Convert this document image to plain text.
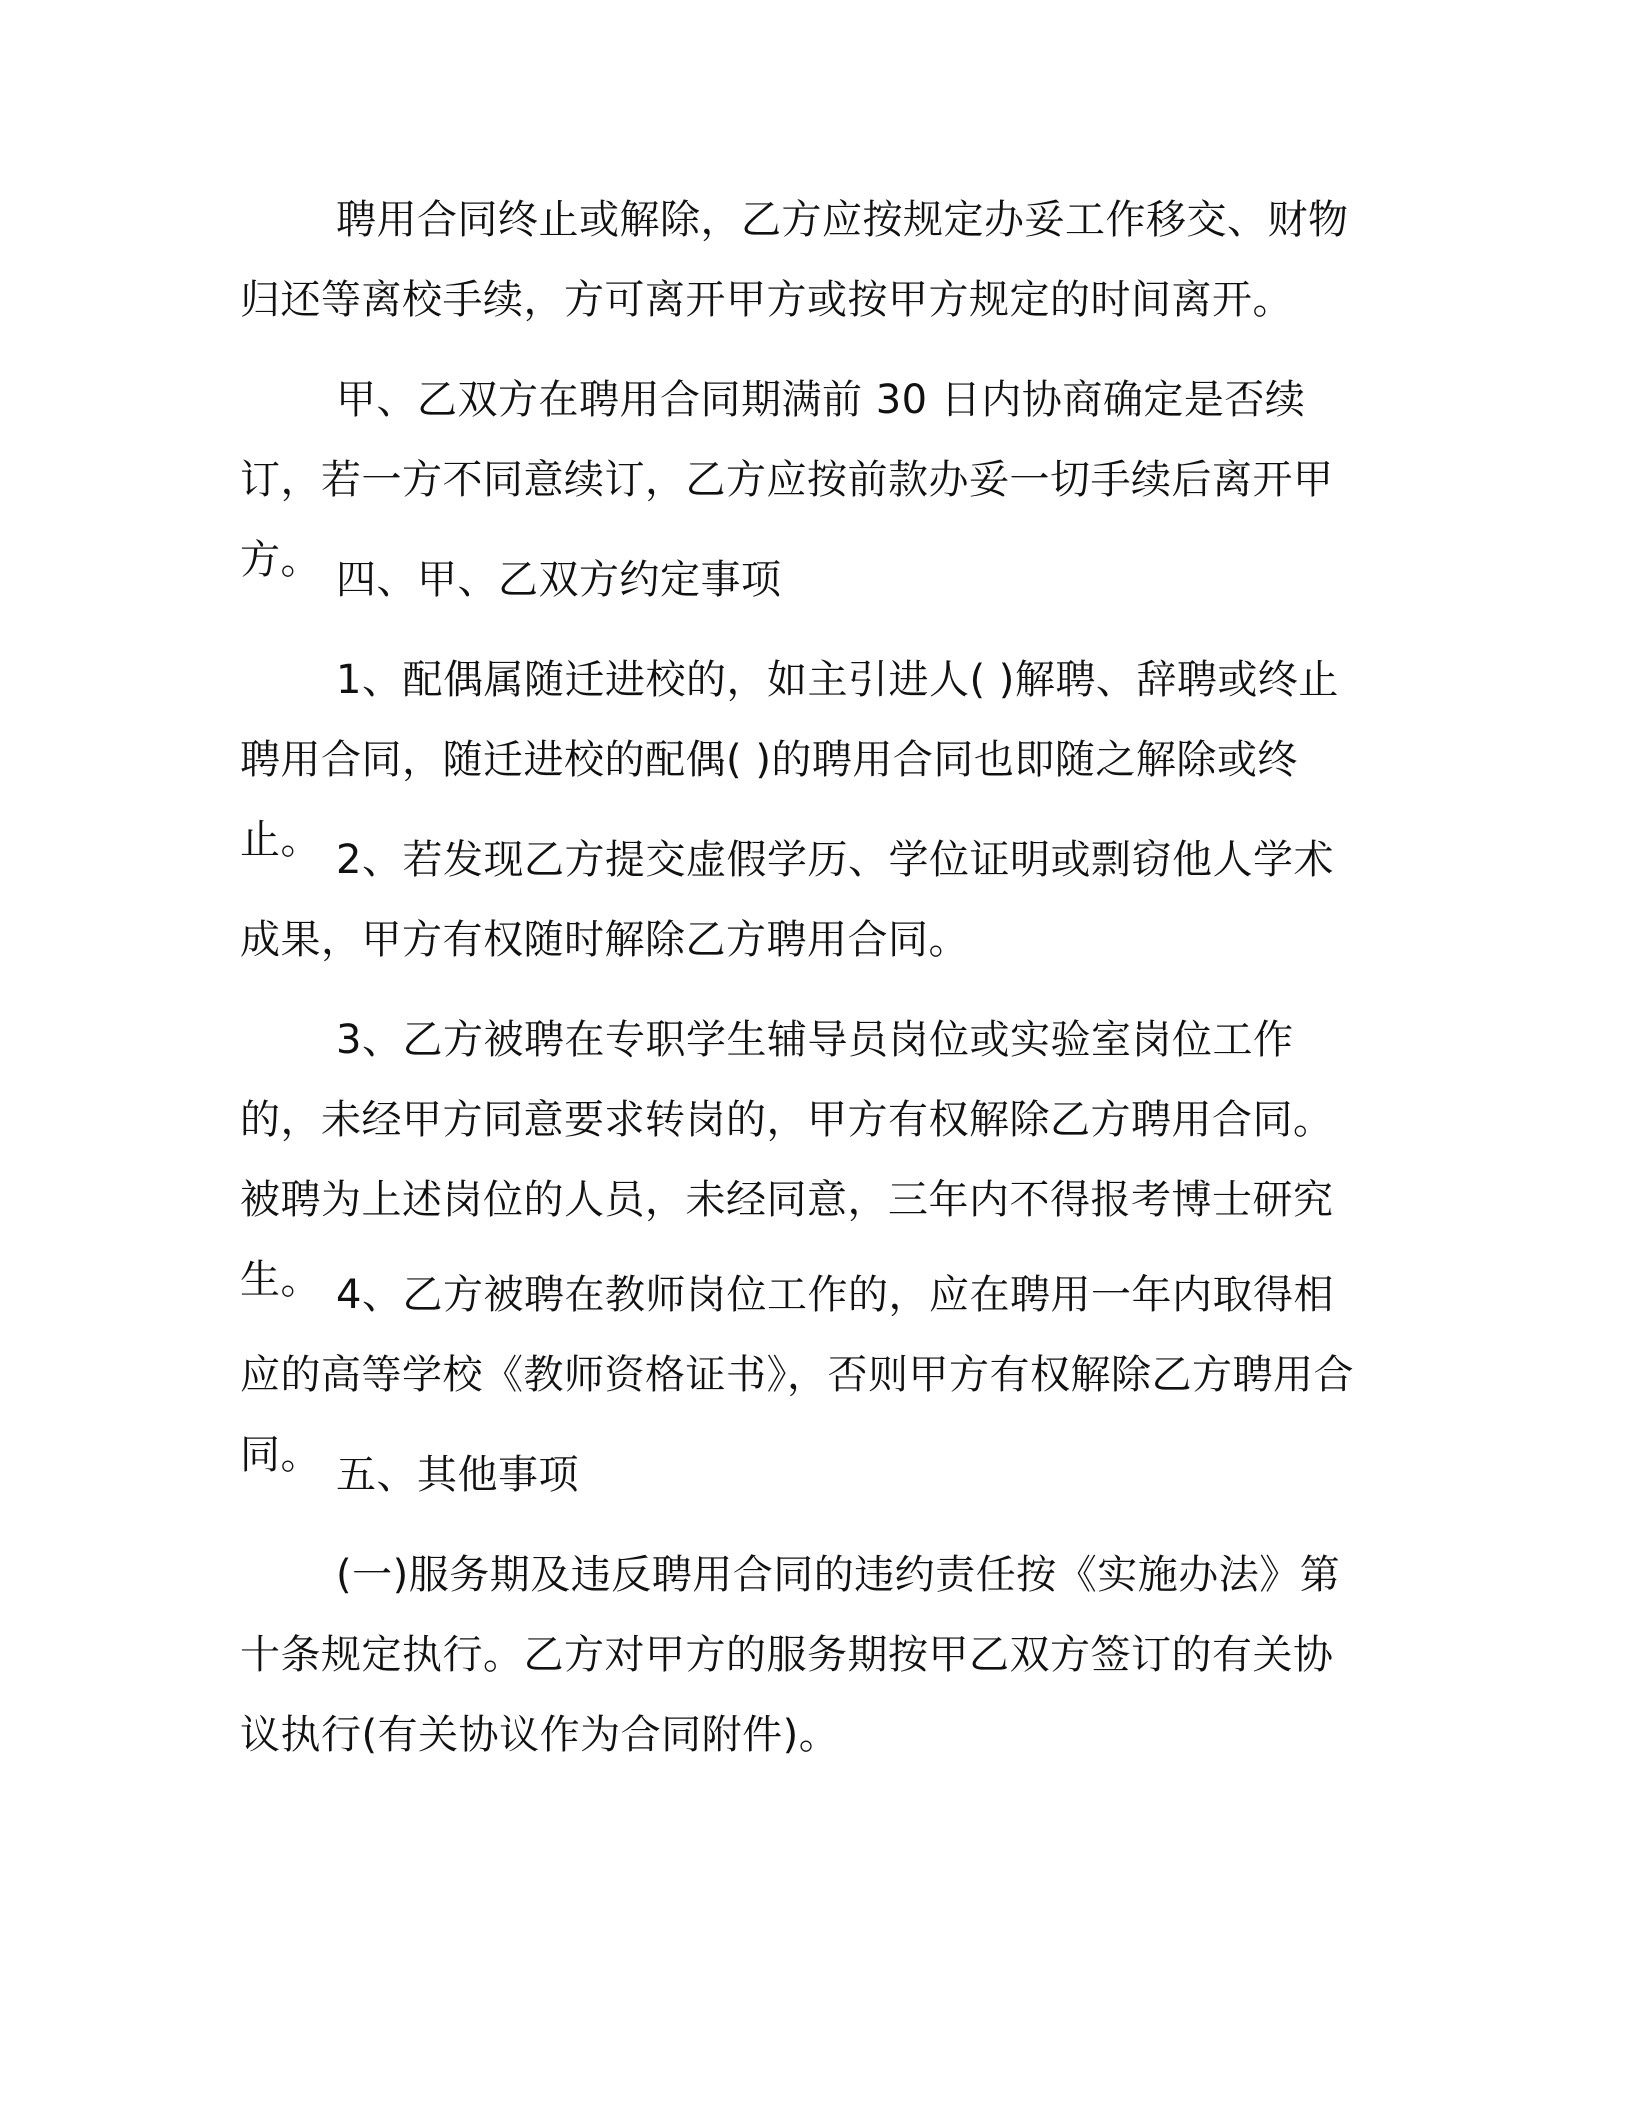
聘用合同终止或解除，乙方应按规定办妥工作移交、财物归还等离校手续，方可离开甲方或按甲方规定的时间离开。

甲、乙双方在聘用合同期满前 30 日内协商确定是否续订，若一方不同意续订，乙方应按前款办妥一切手续后离开甲方。 四、甲、乙双方约定事项

1、配偶属随迁进校的，如主引进人( )解聘、辞聘或终止聘用合同，随迁进校的配偶( )的聘用合同也即随之解除或终止。 2、若发现乙方提交虚假学历、学位证明或剽窃他人学术成果，甲方有权随时解除乙方聘用合同。

3、乙方被聘在专职学生辅导员岗位或实验室岗位工作的，未经甲方同意要求转岗的，甲方有权解除乙方聘用合同。被聘为上述岗位的人员，未经同意，三年内不得报考博士研究生。 4、乙方被聘在教师岗位工作的，应在聘用一年内取得相应的高等学校《教师资格证书》，否则甲方有权解除乙方聘用合同。 五、其他事项

(一)服务期及违反聘用合同的违约责任按《实施办法》第十条规定执行。乙方对甲方的服务期按甲乙双方签订的有关协议执行(有关协议作为合同附件)。
